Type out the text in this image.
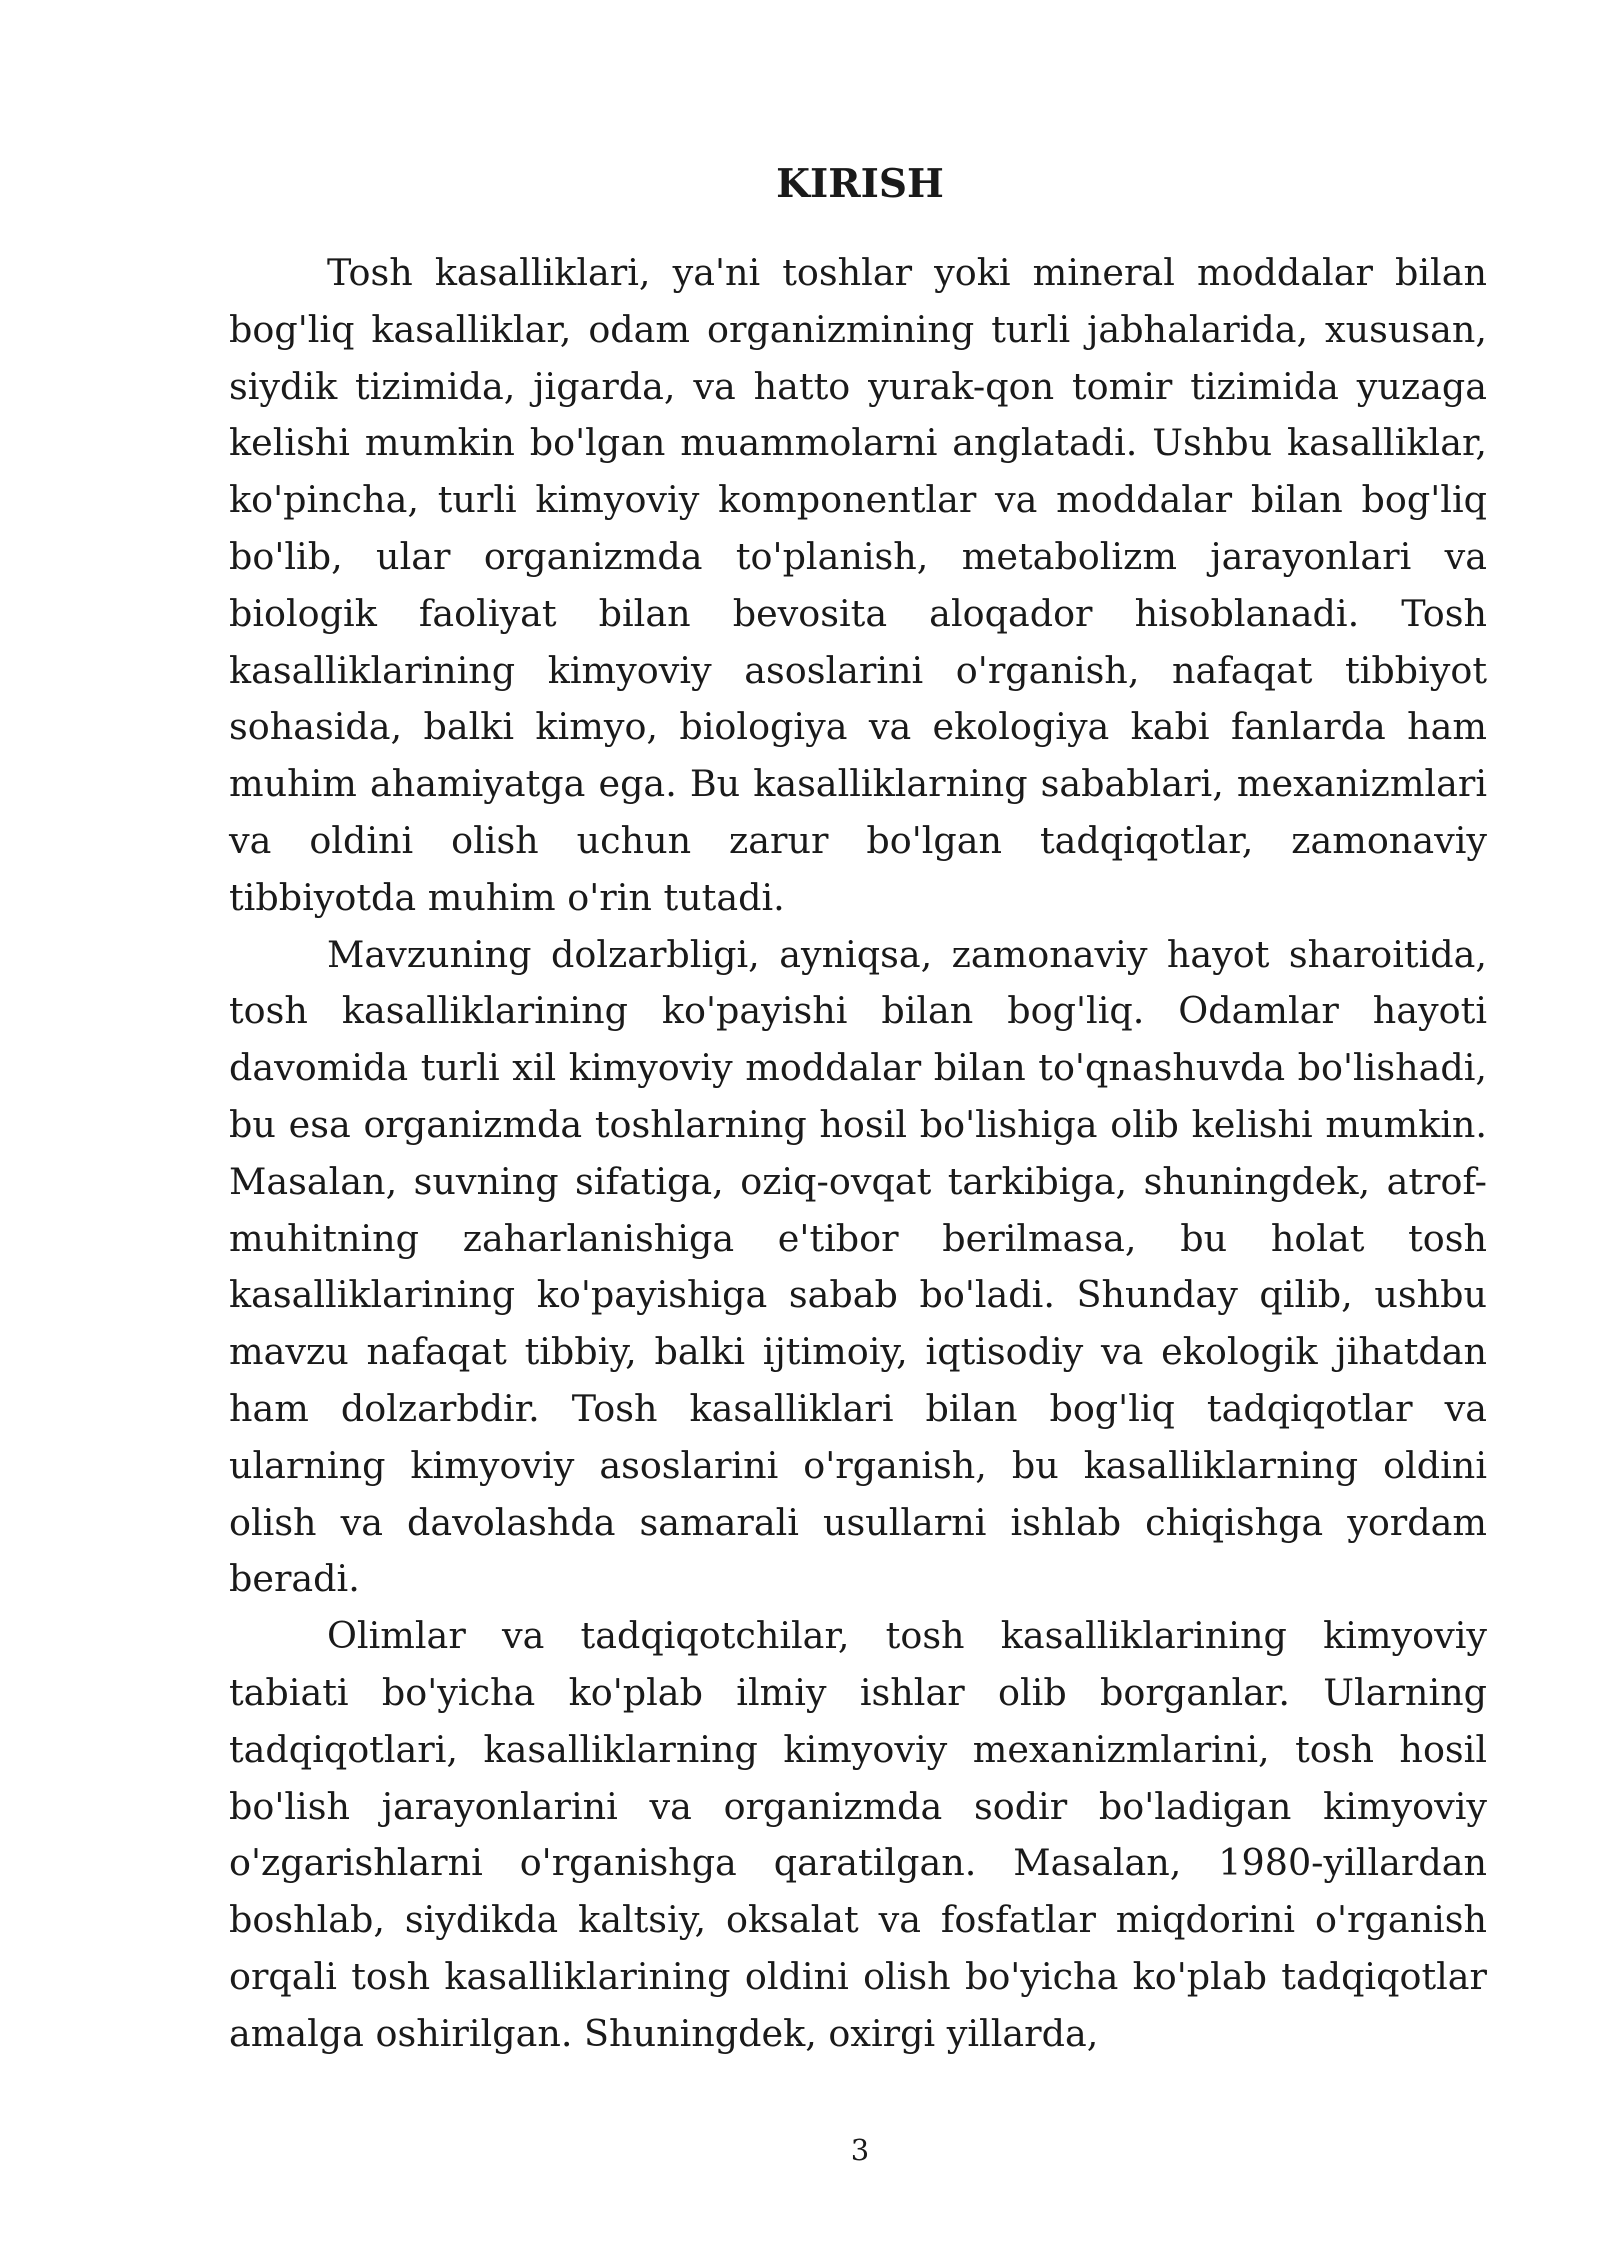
KIRISH

Tosh kasalliklari, ya'ni toshlar yoki mineral moddalar bilan bog'liq kasalliklar, odam organizmining turli jabhalarida, xususan, siydik tizimida, jigarda, va hatto yurak-qon tomir tizimida yuzaga kelishi mumkin bo'lgan muammolarni anglatadi. Ushbu kasalliklar, ko'pincha, turli kimyoviy komponentlar va moddalar bilan bog'liq bo'lib, ular organizmda to'planish, metabolizm jarayonlari va biologik faoliyat bilan bevosita aloqador hisoblanadi. Tosh kasalliklarining kimyoviy asoslarini o'rganish, nafaqat tibbiyot sohasida, balki kimyo, biologiya va ekologiya kabi fanlarda ham muhim ahamiyatga ega. Bu kasalliklarning sabablari, mexanizmlari va oldini olish uchun zarur bo'lgan tadqiqotlar, zamonaviy tibbiyotda muhim o'rin tutadi.

Mavzuning dolzarbligi, ayniqsa, zamonaviy hayot sharoitida, tosh kasalliklarining ko'payishi bilan bog'liq. Odamlar hayoti davomida turli xil kimyoviy moddalar bilan to'qnashuvda bo'lishadi, bu esa organizmda toshlarning hosil bo'lishiga olib kelishi mumkin. Masalan, suvning sifatiga, oziq-ovqat tarkibiga, shuningdek, atrof-muhitning zaharlanishiga e'tibor berilmasa, bu holat tosh kasalliklarining ko'payishiga sabab bo'ladi. Shunday qilib, ushbu mavzu nafaqat tibbiy, balki ijtimoiy, iqtisodiy va ekologik jihatdan ham dolzarbdir. Tosh kasalliklari bilan bog'liq tadqiqotlar va ularning kimyoviy asoslarini o'rganish, bu kasalliklarning oldini olish va davolashda samarali usullarni ishlab chiqishga yordam beradi.

Olimlar va tadqiqotchilar, tosh kasalliklarining kimyoviy tabiati bo'yicha ko'plab ilmiy ishlar olib borganlar. Ularning tadqiqotlari, kasalliklarning kimyoviy mexanizmlarini, tosh hosil bo'lish jarayonlarini va organizmda sodir bo'ladigan kimyoviy o'zgarishlarni o'rganishga qaratilgan. Masalan, 1980-yillardan boshlab, siydikda kaltsiy, oksalat va fosfatlar miqdorini o'rganish orqali tosh kasalliklarining oldini olish bo'yicha ko'plab tadqiqotlar amalga oshirilgan. Shuningdek, oxirgi yillarda,

3
